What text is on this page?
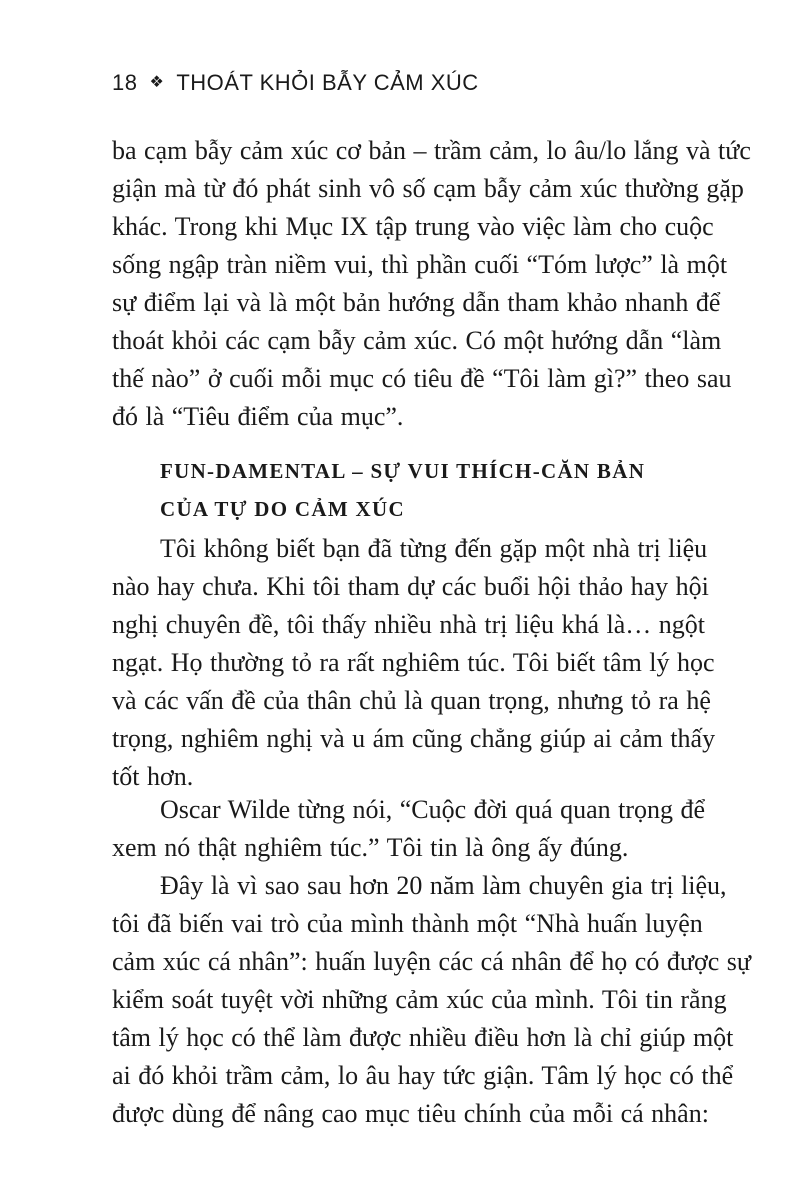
18 ❖ THOÁT KHỎI BẪY CẢM XÚC
ba cạm bẫy cảm xúc cơ bản – trầm cảm, lo âu/lo lắng và tức
giận mà từ đó phát sinh vô số cạm bẫy cảm xúc thường gặp
khác. Trong khi Mục IX tập trung vào việc làm cho cuộc
sống ngập tràn niềm vui, thì phần cuối “Tóm lược” là một
sự điểm lại và là một bản hướng dẫn tham khảo nhanh để
thoát khỏi các cạm bẫy cảm xúc. Có một hướng dẫn “làm
thế nào” ở cuối mỗi mục có tiêu đề “Tôi làm gì?” theo sau
đó là “Tiêu điểm của mục”.
FUN-DAMENTAL – SỰ VUI THÍCH-CĂN BẢN
CỦA TỰ DO CẢM XÚC
Tôi không biết bạn đã từng đến gặp một nhà trị liệu
nào hay chưa. Khi tôi tham dự các buổi hội thảo hay hội
nghị chuyên đề, tôi thấy nhiều nhà trị liệu khá là… ngột
ngạt. Họ thường tỏ ra rất nghiêm túc. Tôi biết tâm lý học
và các vấn đề của thân chủ là quan trọng, nhưng tỏ ra hệ
trọng, nghiêm nghị và u ám cũng chẳng giúp ai cảm thấy
tốt hơn.
Oscar Wilde từng nói, “Cuộc đời quá quan trọng để
xem nó thật nghiêm túc.” Tôi tin là ông ấy đúng.
Đây là vì sao sau hơn 20 năm làm chuyên gia trị liệu,
tôi đã biến vai trò của mình thành một “Nhà huấn luyện
cảm xúc cá nhân”: huấn luyện các cá nhân để họ có được sự
kiểm soát tuyệt vời những cảm xúc của mình. Tôi tin rằng
tâm lý học có thể làm được nhiều điều hơn là chỉ giúp một
ai đó khỏi trầm cảm, lo âu hay tức giận. Tâm lý học có thể
được dùng để nâng cao mục tiêu chính của mỗi cá nhân:
